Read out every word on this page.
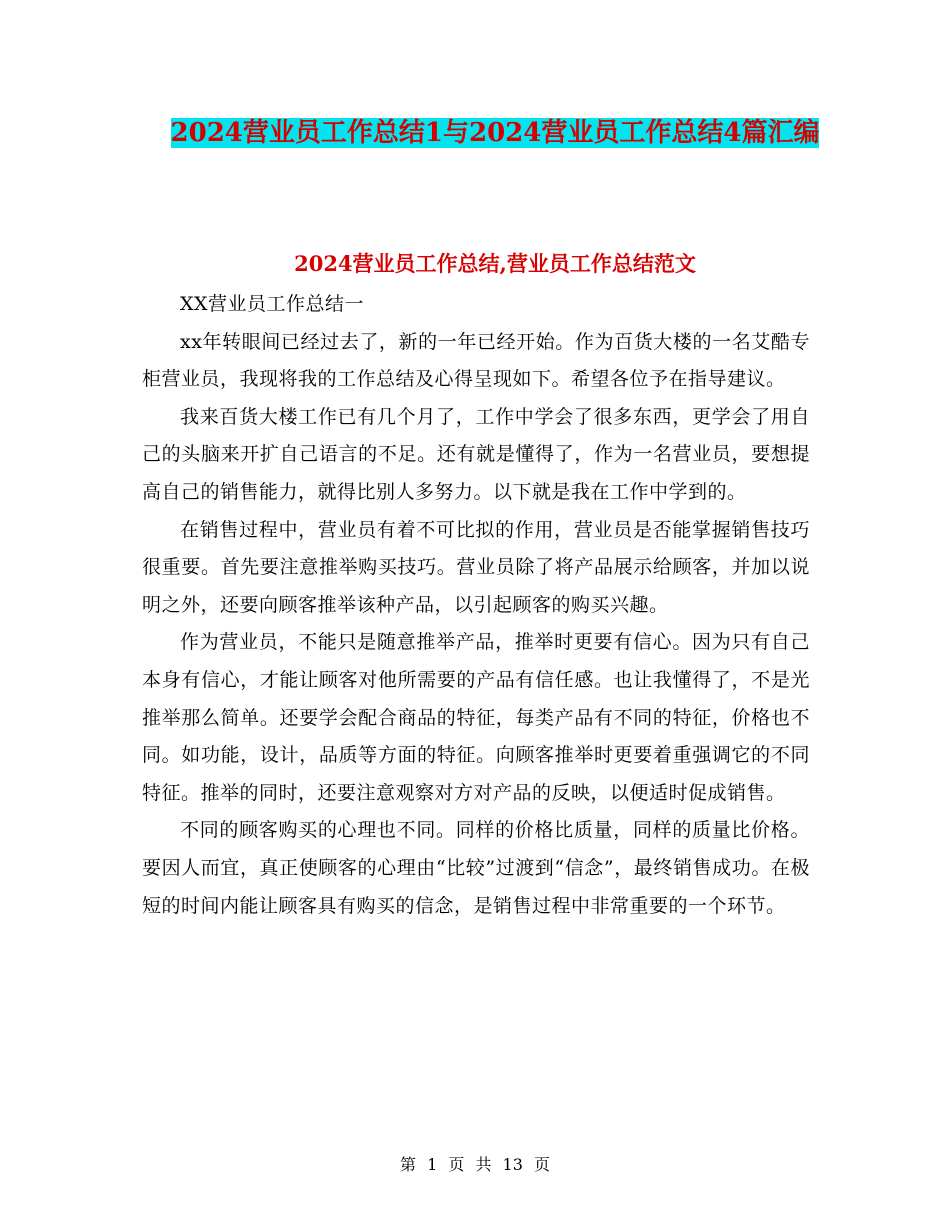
2024营业员工作总结1与2024营业员工作总结4篇汇编
2024营业员工作总结,营业员工作总结范文

XX营业员工作总结一

xx年转眼间已经过去了，新的一年已经开始。作为百货大楼的一名艾酷专柜营业员，我现将我的工作总结及心得呈现如下。希望各位予在指导建议。

我来百货大楼工作已有几个月了，工作中学会了很多东西，更学会了用自己的头脑来开扩自己语言的不足。还有就是懂得了，作为一名营业员，要想提高自己的销售能力，就得比别人多努力。以下就是我在工作中学到的。

在销售过程中，营业员有着不可比拟的作用，营业员是否能掌握销售技巧很重要。首先要注意推举购买技巧。营业员除了将产品展示给顾客，并加以说明之外，还要向顾客推举该种产品，以引起顾客的购买兴趣。

作为营业员，不能只是随意推举产品，推举时更要有信心。因为只有自己本身有信心，才能让顾客对他所需要的产品有信任感。也让我懂得了，不是光推举那么简单。还要学会配合商品的特征，每类产品有不同的特征，价格也不同。如功能，设计，品质等方面的特征。向顾客推举时更要着重强调它的不同特征。推举的同时，还要注意观察对方对产品的反映，以便适时促成销售。

不同的顾客购买的心理也不同。同样的价格比质量，同样的质量比价格。要因人而宜，真正使顾客的心理由“比较”过渡到“信念”，最终销售成功。在极短的时间内能让顾客具有购买的信念，是销售过程中非常重要的一个环节。

第 1 页 共 13 页
